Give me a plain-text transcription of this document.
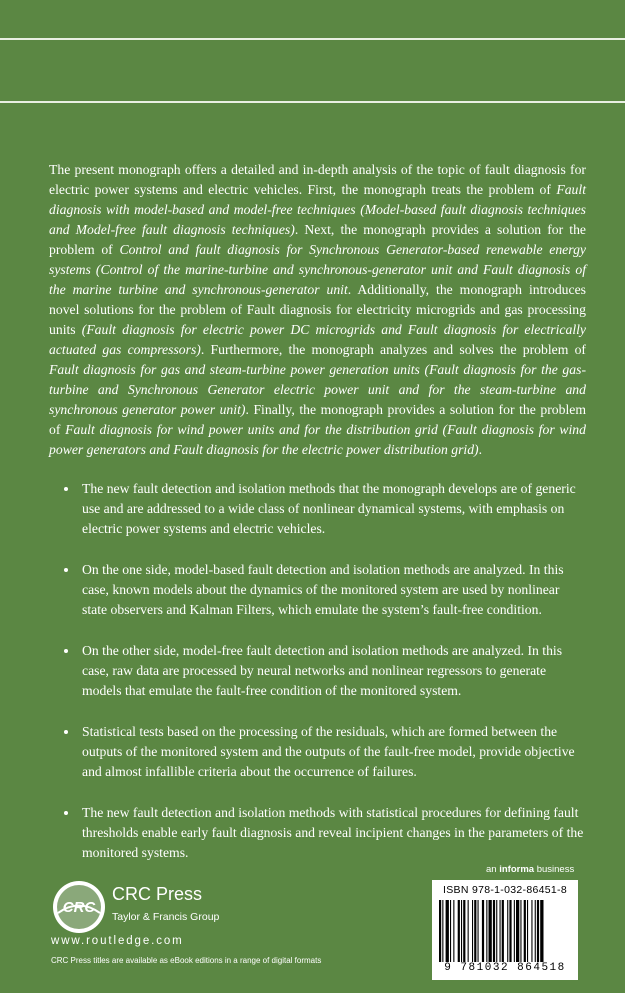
The present monograph offers a detailed and in-depth analysis of the topic of fault diagnosis for electric power systems and electric vehicles. First, the monograph treats the problem of Fault diagnosis with model-based and model-free techniques (Model-based fault diagnosis techniques and Model-free fault diagnosis techniques). Next, the monograph provides a solution for the problem of Control and fault diagnosis for Synchronous Generator-based renewable energy systems (Control of the marine-turbine and synchronous-generator unit and Fault diagnosis of the marine turbine and synchronous-generator unit. Additionally, the monograph introduces novel solutions for the problem of Fault diagnosis for electricity microgrids and gas processing units (Fault diagnosis for electric power DC microgrids and Fault diagnosis for electrically actuated gas compressors). Furthermore, the monograph analyzes and solves the problem of Fault diagnosis for gas and steam-turbine power generation units (Fault diagnosis for the gas-turbine and Synchronous Generator electric power unit and for the steam-turbine and synchronous generator power unit). Finally, the monograph provides a solution for the problem of Fault diagnosis for wind power units and for the distribution grid (Fault diagnosis for wind power generators and Fault diagnosis for the electric power distribution grid).

The new fault detection and isolation methods that the monograph develops are of generic use and are addressed to a wide class of nonlinear dynamical systems, with emphasis on electric power systems and electric vehicles.
On the one side, model-based fault detection and isolation methods are analyzed. In this case, known models about the dynamics of the monitored system are used by nonlinear state observers and Kalman Filters, which emulate the system’s fault-free condition.
On the other side, model-free fault detection and isolation methods are analyzed. In this case, raw data are processed by neural networks and nonlinear regressors to generate models that emulate the fault-free condition of the monitored system.
Statistical tests based on the processing of the residuals, which are formed between the outputs of the monitored system and the outputs of the fault-free model, provide objective and almost infallible criteria about the occurrence of failures.
The new fault detection and isolation methods with statistical procedures for defining fault thresholds enable early fault diagnosis and reveal incipient changes in the parameters of the monitored systems.
an informa business
ISBN 978-1-032-86451-8
9 781032 864518
CRC
CRC Press
Taylor & Francis Group
www.routledge.com
CRC Press titles are available as eBook editions in a range of digital formats
